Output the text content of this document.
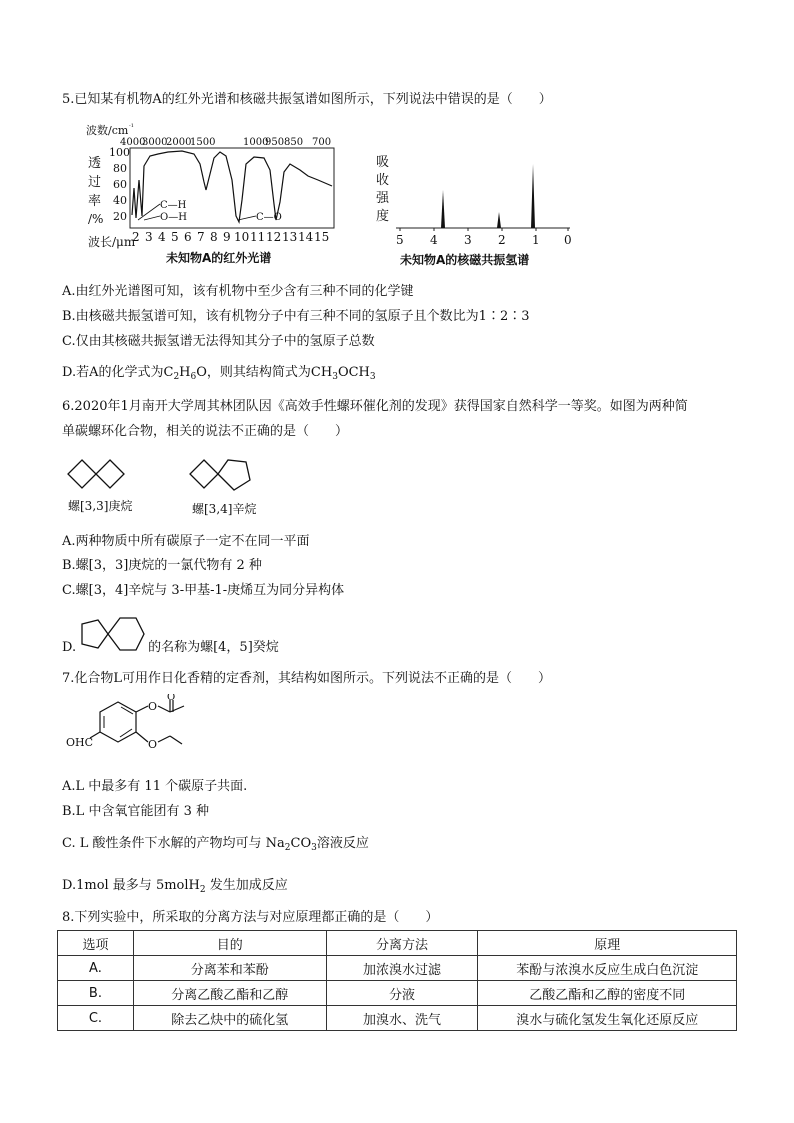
5.已知某有机物A的红外光谱和核磁共振氢谱如图所示，下列说法中错误的是（　　）
波数/cm -1
4000
3000
2000
1500	1000
950 850 700
透
过
率
/%
100
80
60
40
20
C—H
O—H	C—O
波长/μm
2 3 4 5 6 7 8 9 10 11 12 13 14 15
未知物A的红外光谱
吸
收
强
度
5 4 3 2 1 0
未知物A的核磁共振氢谱
A.由红外光谱图可知，该有机物中至少含有三种不同的化学键
B.由核磁共振氢谱可知，该有机物分子中有三种不同的氢原子且个数比为1∶2∶3
C.仅由其核磁共振氢谱无法得知其分子中的氢原子总数
D.若A的化学式为$C_2H_6O$，则其结构简式为$CH_3OCH_3$
6.2020年1月南开大学周其林团队因《高效手性螺环催化剂的发现》获得国家自然科学一等奖。如图为两种简
单碳螺环化合物，相关的说法不正确的是（　　）
螺[3,3]庚烷	螺[3,4]辛烷
A.两种物质中所有碳原子一定不在同一平面
B.螺[3，3]庚烷的一氯代物有 2 种
C.螺[3，4]辛烷与 3-甲基-1-庚烯互为同分异构体
D.	的名称为螺[4，5]癸烷
7.化合物L可用作日化香精的定香剂，其结构如图所示。下列说法不正确的是（　　）
OHC
O
O
O
A.L 中最多有 11 个碳原子共面.
B.L 中含氧官能团有 3 种
C. L 酸性条件下水解的产物均可与 $Na_2CO_3$溶液反应
D.1mol 最多与 5molH$_2$ 发生加成反应
8.下列实验中，所采取的分离方法与对应原理都正确的是（　　）
选项	目的	分离方法	原理
A.	分离苯和苯酚	加浓溴水过滤	苯酚与浓溴水反应生成白色沉淀
B.	分离乙酸乙酯和乙醇	分液	乙酸乙酯和乙醇的密度不同
C.	除去乙炔中的硫化氢	加溴水、洗气	溴水与硫化氢发生氧化还原反应
